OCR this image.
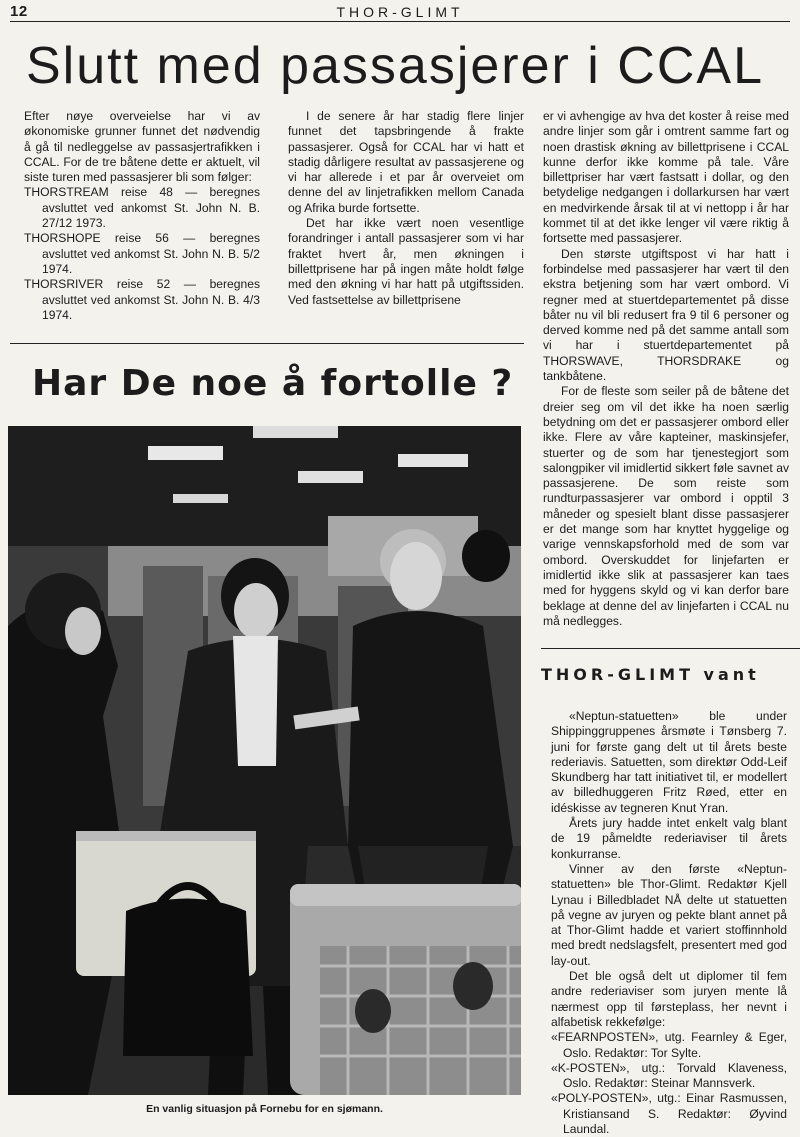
12	THOR-GLIMT
Slutt med passasjerer i CCAL

Efter nøye overveielse har vi av økonomiske grunner funnet det nødvendig å gå til nedleggelse av passasjertrafikken i CCAL. For de tre båtene dette er aktuelt, vil siste turen med passasjerer bli som følger:

THORSTREAM reise 48 — beregnes avsluttet ved ankomst St. John N. B. 27/12 1973.

THORSHOPE reise 56 — beregnes avsluttet ved ankomst St. John N. B. 5/2 1974.

THORSRIVER reise 52 — beregnes avsluttet ved ankomst St. John N. B. 4/3 1974.

I de senere år har stadig flere linjer funnet det tapsbringende å frakte passasjerer. Også for CCAL har vi hatt et stadig dårligere resultat av passasjerene og vi har allerede i et par år overveiet om denne del av linjetrafikken mellom Canada og Afrika burde fortsette.

Det har ikke vært noen vesentlige forandringer i antall passasjerer som vi har fraktet hvert år, men økningen i billettprisene har på ingen måte holdt følge med den økning vi har hatt på utgiftssiden. Ved fastsettelse av billettprisene

er vi avhengige av hva det koster å reise med andre linjer som går i omtrent samme fart og noen drastisk økning av billettprisene i CCAL kunne derfor ikke komme på tale. Våre billettpriser har vært fastsatt i dollar, og den betydelige nedgangen i dollarkursen har vært en medvirkende årsak til at vi nettopp i år har kommet til at det ikke lenger vil være riktig å fortsette med passasjerer.

Den største utgiftspost vi har hatt i forbindelse med passasjerer har vært til den ekstra betjening som har vært ombord. Vi regner med at stuertdepartementet på disse båter nu vil bli redusert fra 9 til 6 personer og derved komme ned på det samme antall som vi har i stuertdepartementet på THORSWAVE, THORSDRAKE og tankbåtene.

For de fleste som seiler på de båtene det dreier seg om vil det ikke ha noen særlig betydning om det er passasjerer ombord eller ikke. Flere av våre kapteiner, maskinsjefer, stuerter og de som har tjenestegjort som salongpiker vil imidlertid sikkert føle savnet av passasjerene. De som reiste som rundturpassasjerer var ombord i opptil 3 måneder og spesielt blant disse passasjerer er det mange som har knyttet hyggelige og varige vennskapsforhold med de som var ombord. Overskuddet for linjefarten er imidlertid ikke slik at passasjerer kan taes med for hyggens skyld og vi kan derfor bare beklage at denne del av linjefarten i CCAL nu må nedlegges.

Har De noe å fortolle ?
En vanlig situasjon på Fornebu for en sjømann.
THOR-GLIMT vant

«Neptun-statuetten» ble under Shippinggruppenes årsmøte i Tønsberg 7. juni for første gang delt ut til årets beste rederiavis. Satuetten, som direktør Odd-Leif Skundberg har tatt initiativet til, er modellert av billedhuggeren Fritz Røed, etter en idéskisse av tegneren Knut Yran.

Årets jury hadde intet enkelt valg blant de 19 påmeldte rederiaviser til årets konkurranse.

Vinner av den første «Neptun-statuetten» ble Thor-Glimt. Redaktør Kjell Lynau i Billedbladet NÅ delte ut statuetten på vegne av juryen og pekte blant annet på at Thor-Glimt hadde et variert stoffinnhold med bredt nedslagsfelt, presentert med god lay-out.

Det ble også delt ut diplomer til fem andre rederiaviser som juryen mente lå nærmest opp til førsteplass, her nevnt i alfabetisk rekkefølge:

«FEARNPOSTEN», utg. Fearnley & Eger, Oslo. Redaktør: Tor Sylte.

«K-POSTEN», utg.: Torvald Klaveness, Oslo. Redaktør: Steinar Mannsverk.

«POLY-POSTEN», utg.: Einar Rasmussen, Kristiansand S. Redaktør: Øyvind Laundal.
